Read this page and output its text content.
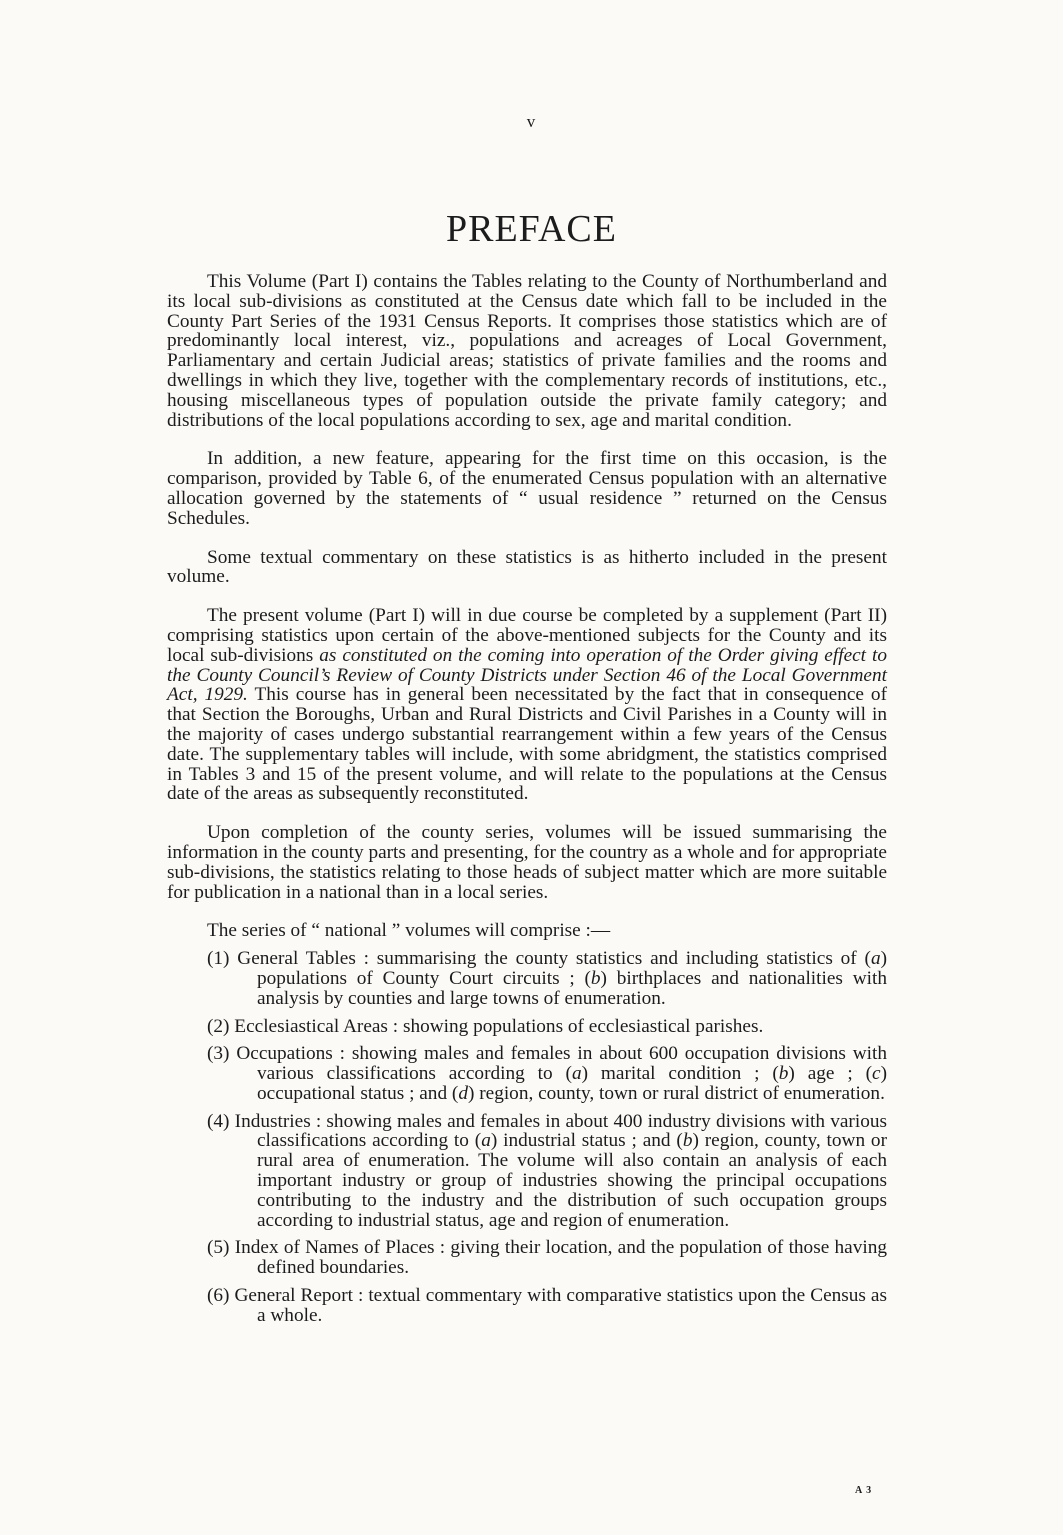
v
PREFACE

This Volume (Part I) contains the Tables relating to the County of Northumberland and its local sub-divisions as constituted at the Census date which fall to be included in the County Part Series of the 1931 Census Reports. It comprises those statistics which are of predominantly local interest, viz., populations and acreages of Local Government, Parliamentary and certain Judicial areas; statistics of private families and the rooms and dwellings in which they live, together with the complementary records of institutions, etc., housing miscellaneous types of population outside the private family category; and distributions of the local populations according to sex, age and marital condition.

In addition, a new feature, appearing for the first time on this occasion, is the comparison, provided by Table 6, of the enumerated Census population with an alternative allocation governed by the statements of “ usual residence ” returned on the Census Schedules.

Some textual commentary on these statistics is as hitherto included in the present volume.

The present volume (Part I) will in due course be completed by a supplement (Part II) comprising statistics upon certain of the above-mentioned subjects for the County and its local sub-divisions as constituted on the coming into operation of the Order giving effect to the County Council’s Review of County Districts under Section 46 of the Local Government Act, 1929. This course has in general been necessitated by the fact that in consequence of that Section the Boroughs, Urban and Rural Districts and Civil Parishes in a County will in the majority of cases undergo substantial rearrangement within a few years of the Census date. The supplementary tables will include, with some abridgment, the statistics comprised in Tables 3 and 15 of the present volume, and will relate to the populations at the Census date of the areas as subsequently reconstituted.

Upon completion of the county series, volumes will be issued summarising the information in the county parts and presenting, for the country as a whole and for appropriate sub-divisions, the statistics relating to those heads of subject matter which are more suitable for publication in a national than in a local series.

The series of “ national ” volumes will comprise :—

(1) General Tables : summarising the county statistics and including statistics of (a) populations of County Court circuits ; (b) birthplaces and nationalities with analysis by counties and large towns of enumeration.
(2) Ecclesiastical Areas : showing populations of ecclesiastical parishes.
(3) Occupations : showing males and females in about 600 occupation divisions with various classifications according to (a) marital condition ; (b) age ; (c) occupational status ; and (d) region, county, town or rural district of enumeration.
(4) Industries : showing males and females in about 400 industry divisions with various classifications according to (a) industrial status ; and (b) region, county, town or rural area of enumeration. The volume will also contain an analysis of each important industry or group of industries showing the principal occupations contributing to the industry and the distribution of such occupation groups according to industrial status, age and region of enumeration.
(5) Index of Names of Places : giving their location, and the population of those having defined boundaries.
(6) General Report : textual commentary with comparative statistics upon the Census as a whole.
A 3
